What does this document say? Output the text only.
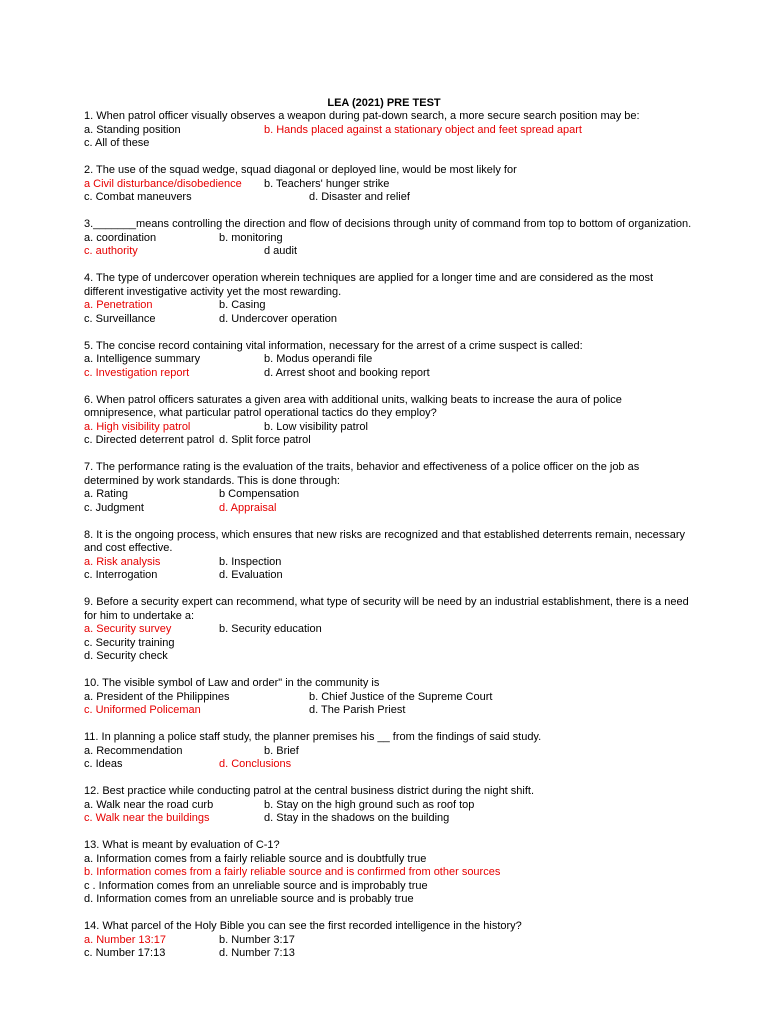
LEA (2021) PRE TEST
1. When patrol officer visually observes a weapon during pat-down search, a more secure search position may be:
a. Standing position	b. Hands placed against a stationary object and feet spread apart
c. All of these
2. The use of the squad wedge, squad diagonal or deployed line, would be most likely for
a Civil disturbance/disobedience b. Teachers' hunger strike
c. Combat maneuvers	d. Disaster and relief
3._______means controlling the direction and flow of decisions through unity of command from top to bottom of organization.
a. coordination	b. monitoring
c. authority	d audit
4. The type of undercover operation wherein techniques are applied for a longer time and are considered as the most different investigative activity yet the most rewarding.
a. Penetration	b. Casing
c. Surveillance	d. Undercover operation
5. The concise record containing vital information, necessary for the arrest of a crime suspect is called:
a. Intelligence summary	b. Modus operandi file
c. Investigation report	d. Arrest shoot and booking report
6. When patrol officers saturates a given area with additional units, walking beats to increase the aura of police omnipresence, what particular patrol operational tactics do they employ?
a. High visibility patrol	b. Low visibility patrol
c. Directed deterrent patrol d. Split force patrol
7. The performance rating is the evaluation of the traits, behavior and effectiveness of a police officer on the job as determined by work standards. This is done through:
a. Rating	b Compensation
c. Judgment	d. Appraisal
8. It is the ongoing process, which ensures that new risks are recognized and that established deterrents remain, necessary and cost effective.
a. Risk analysis	b. Inspection
c. Interrogation	d. Evaluation
9. Before a security expert can recommend, what type of security will be need by an industrial establishment, there is a need for him to undertake a:
a. Security survey	b. Security education
c. Security training
d. Security check
10. The visible symbol of Law and order" in the community is
a. President of the Philippines	b. Chief Justice of the Supreme Court
c. Uniformed Policeman	d. The Parish Priest
11. In planning a police staff study, the planner premises his __ from the findings of said study.
a. Recommendation	b. Brief
c. Ideas	d. Conclusions
12. Best practice while conducting patrol at the central business district during the night shift.
a. Walk near the road curb	b. Stay on the high ground such as roof top
c. Walk near the buildings	d. Stay in the shadows on the building
13. What is meant by evaluation of C-1?
a. Information comes from a fairly reliable source and is doubtfully true
b. Information comes from a fairly reliable source and is confirmed from other sources
c . Information comes from an unreliable source and is improbably true
d. Information comes from an unreliable source and is probably true
14. What parcel of the Holy Bible you can see the first recorded intelligence in the history?
a. Number 13:17	b. Number 3:17
c. Number 17:13	d. Number 7:13
